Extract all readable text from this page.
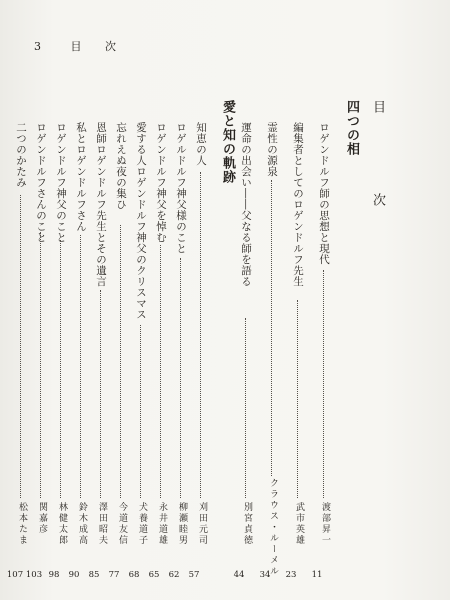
3 目 次
目 次
四つの相
ロゲンドルフ師の思想と現代
渡部昇一
11
編集者としてのロゲンドルフ先生
武市英雄
23
霊性の源泉
クラウス・ルーメル
34
運命の出会い――父なる師を語る
別宮貞徳
44
愛と知の軌跡
知恵の人
刈田元司
57
ロゲルドルフ神父様のこと
柳瀬睦男
62
ロゲンドルフ神父を悼む
永井道雄
65
愛する人ロゲンドルフ神父のクリスマス
犬養道子
68
忘れえぬ夜の集ひ
今道友信
77
恩師ロゲンドルフ先生とその遺言
澤田昭夫
85
私とロゲンドルフさん
鈴木成高
90
ロゲンドルフ神父のこと
林健太郎
98
ロゲンドルフさんのこと
関嘉彦
103
二つのかたみ
松本たま
107
